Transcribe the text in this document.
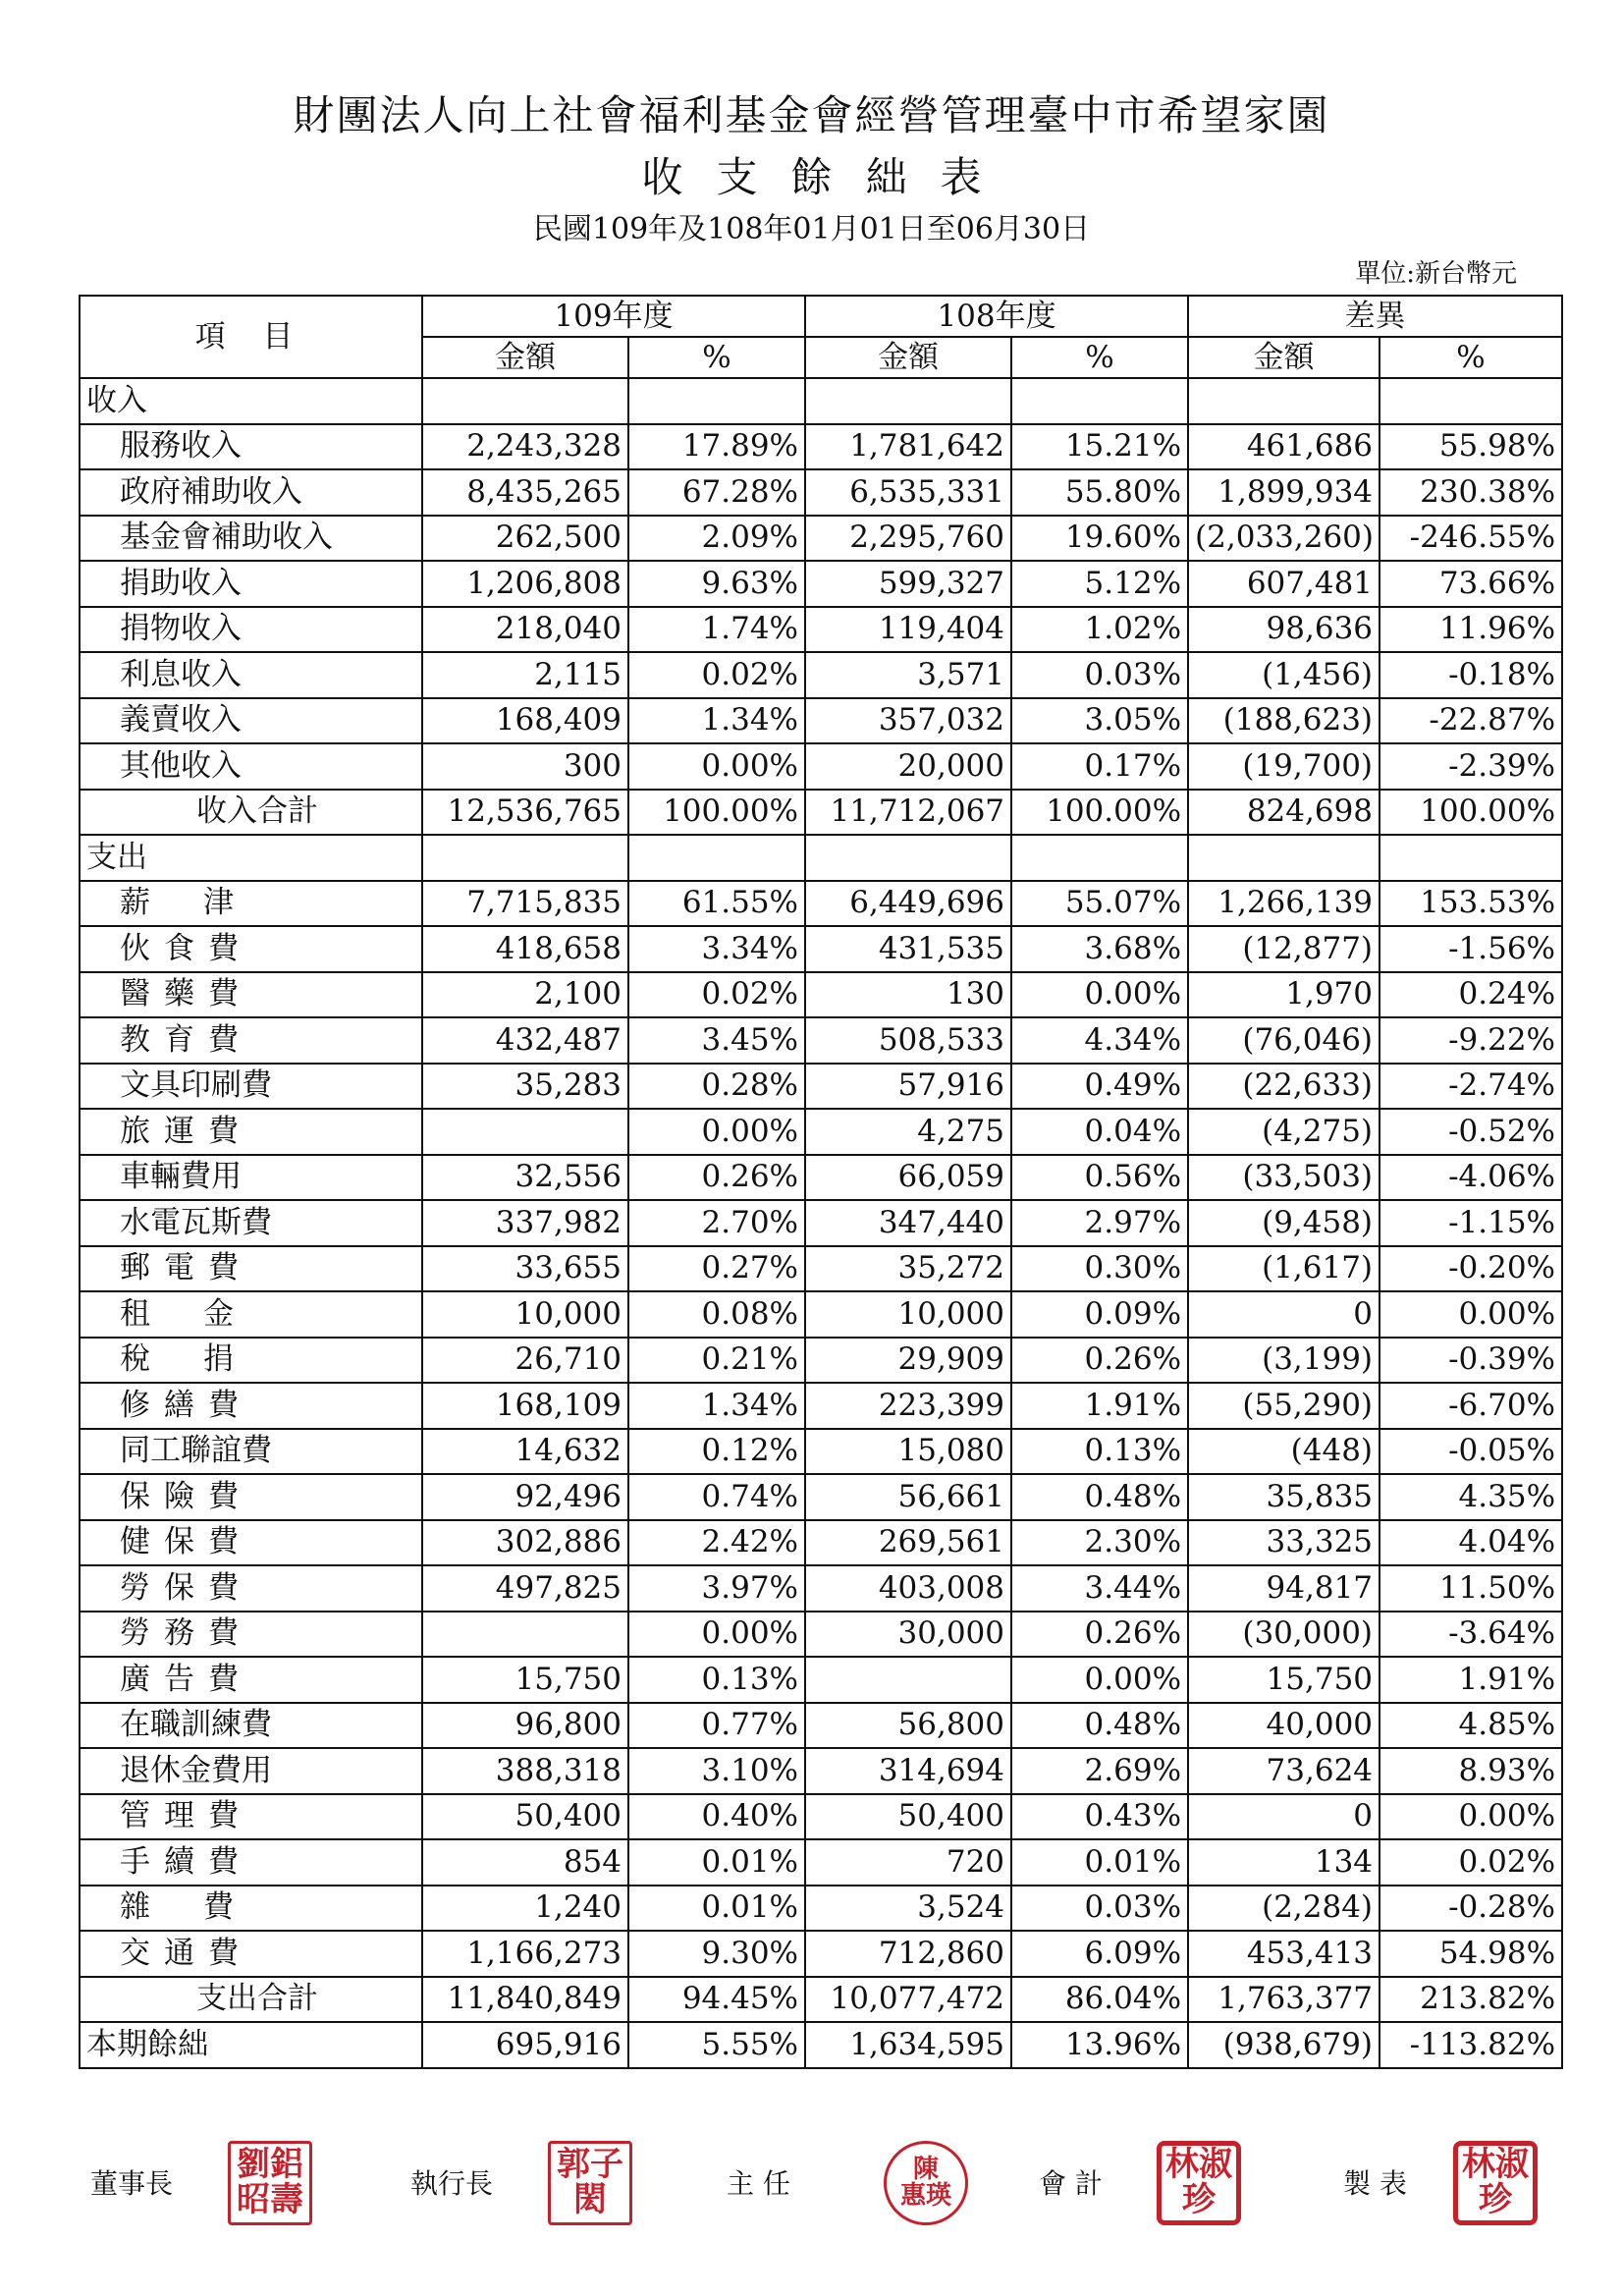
財團法人向上社會福利基金會經營管理臺中市希望家園
收支餘絀表
民國109年及108年01月01日至06月30日
單位:新台幣元
項 目	109年度		108年度		差異	
	金額	%	金額	%	金額	%
收入						
服務收入	2,243,328	17.89%	1,781,642	15.21%	461,686	55.98%
政府補助收入	8,435,265	67.28%	6,535,331	55.80%	1,899,934	230.38%
基金會補助收入	262,500	2.09%	2,295,760	19.60%	(2,033,260)	-246.55%
捐助收入	1,206,808	9.63%	599,327	5.12%	607,481	73.66%
捐物收入	218,040	1.74%	119,404	1.02%	98,636	11.96%
利息收入	2,115	0.02%	3,571	0.03%	(1,456)	-0.18%
義賣收入	168,409	1.34%	357,032	3.05%	(188,623)	-22.87%
其他收入	300	0.00%	20,000	0.17%	(19,700)	-2.39%
收入合計	12,536,765	100.00%	11,712,067	100.00%	824,698	100.00%
支出						
薪津	7,715,835	61.55%	6,449,696	55.07%	1,266,139	153.53%
伙食費	418,658	3.34%	431,535	3.68%	(12,877)	-1.56%
醫藥費	2,100	0.02%	130	0.00%	1,970	0.24%
教育費	432,487	3.45%	508,533	4.34%	(76,046)	-9.22%
文具印刷費	35,283	0.28%	57,916	0.49%	(22,633)	-2.74%
旅運費		0.00%	4,275	0.04%	(4,275)	-0.52%
車輛費用	32,556	0.26%	66,059	0.56%	(33,503)	-4.06%
水電瓦斯費	337,982	2.70%	347,440	2.97%	(9,458)	-1.15%
郵電費	33,655	0.27%	35,272	0.30%	(1,617)	-0.20%
租金	10,000	0.08%	10,000	0.09%	0	0.00%
稅捐	26,710	0.21%	29,909	0.26%	(3,199)	-0.39%
修繕費	168,109	1.34%	223,399	1.91%	(55,290)	-6.70%
同工聯誼費	14,632	0.12%	15,080	0.13%	(448)	-0.05%
保險費	92,496	0.74%	56,661	0.48%	35,835	4.35%
健保費	302,886	2.42%	269,561	2.30%	33,325	4.04%
勞保費	497,825	3.97%	403,008	3.44%	94,817	11.50%
勞務費		0.00%	30,000	0.26%	(30,000)	-3.64%
廣告費	15,750	0.13%		0.00%	15,750	1.91%
在職訓練費	96,800	0.77%	56,800	0.48%	40,000	4.85%
退休金費用	388,318	3.10%	314,694	2.69%	73,624	8.93%
管理費	50,400	0.40%	50,400	0.43%	0	0.00%
手續費	854	0.01%	720	0.01%	134	0.02%
雜費	1,240	0.01%	3,524	0.03%	(2,284)	-0.28%
交通費	1,166,273	9.30%	712,860	6.09%	453,413	54.98%
支出合計	11,840,849	94.45%	10,077,472	86.04%	1,763,377	213.82%
本期餘絀	695,916	5.55%	1,634,595	13.96%	(938,679)	-113.82%
董事長 劉鋁
昭壽	執行長 郭子
閎	主 任	陳
惠瑛	會 計 林淑
珍	製 表 林淑
珍
